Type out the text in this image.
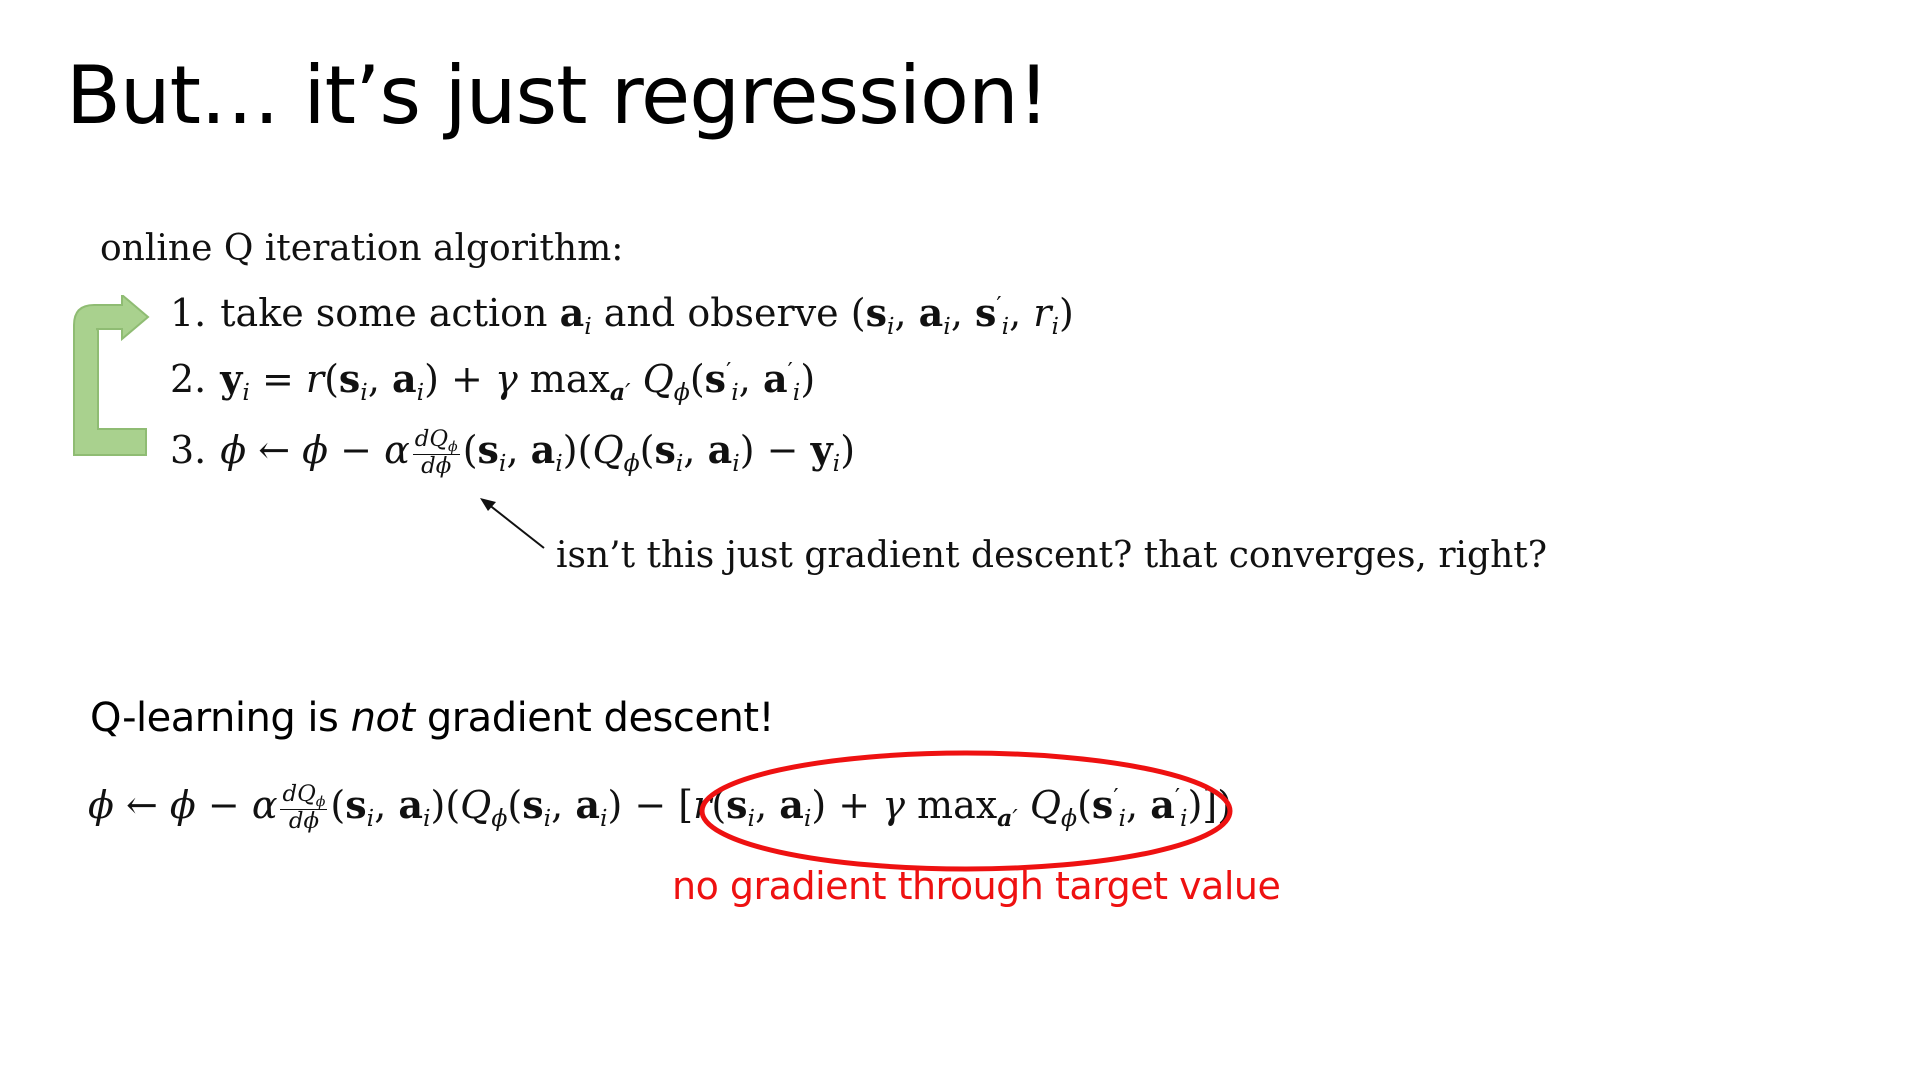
But… it’s just regression!
online Q iteration algorithm:
1. take some action $a_i$ and observe ($s_i$, $a_i$, $s'_i$, $r_i$)
2. $y_i = r(s_i$, $a_i) + \gamma$ $\max_{a'} Q_\phi(s'_i$, $a'_i$)
3. ϕ ← ϕ − α $\frac{dQ_\phi}{d\phi} (s_i$, $a_i)(Q_\phi(s_i$, $a_i) - y_i$)
isn’t this just gradient descent? that converges, right?
Q-learning is not gradient descent!
ϕ ← ϕ − α $\frac{dQ_\phi}{d\phi} (s_i$, $a_i)(Q_\phi(s_i$, $a_i) - [r(s_i$, $a_i) + \gamma$ $\max_{a'} Q_\phi(s'_i$, $a'_i$)])
no gradient through target value
